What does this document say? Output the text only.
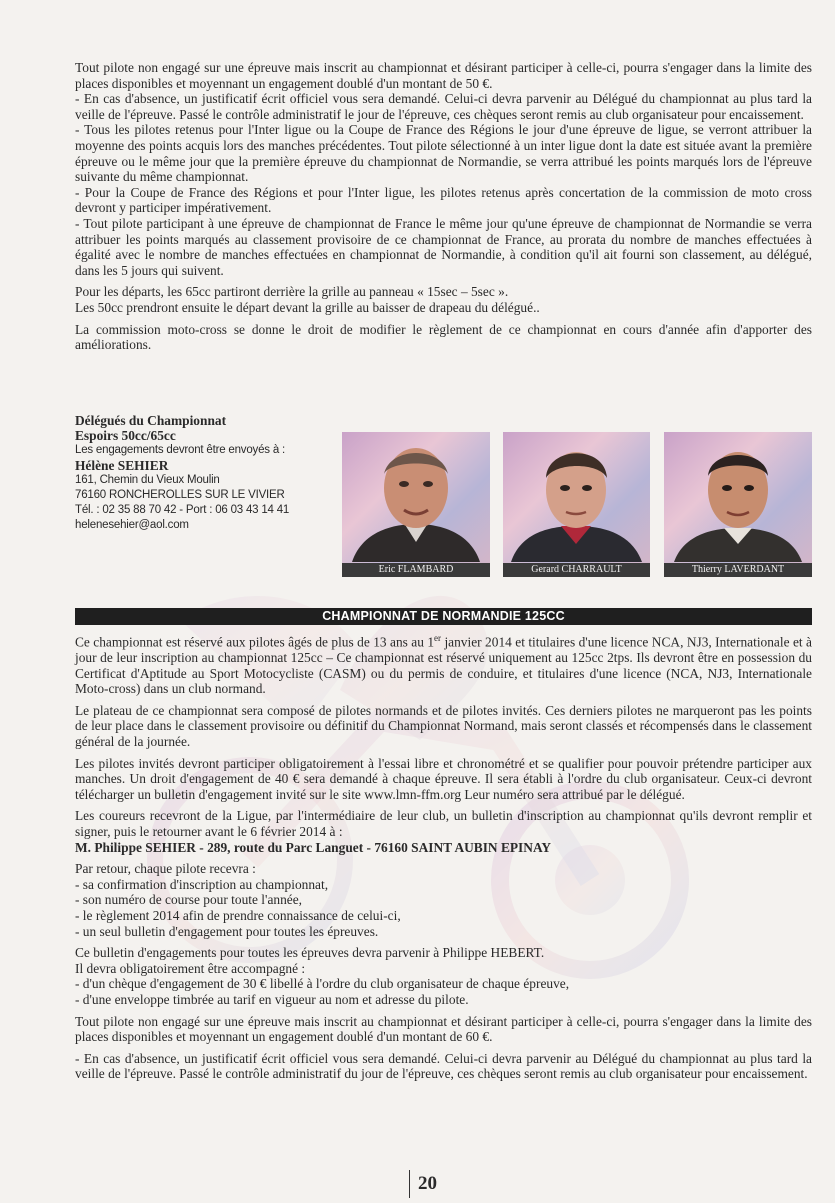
Tout pilote non engagé sur une épreuve mais inscrit au championnat et désirant participer à celle-ci, pourra s'engager dans la limite des places disponibles et moyennant un engagement doublé d'un montant de 50 €.

- En cas d'absence, un justificatif écrit officiel vous sera demandé. Celui-ci devra parvenir au Délégué du championnat au plus tard la veille de l'épreuve. Passé le contrôle administratif le jour de l'épreuve, ces chèques seront remis au club organisateur pour encaissement.

- Tous les pilotes retenus pour l'Inter ligue ou la Coupe de France des Régions le jour d'une épreuve de ligue, se verront attribuer la moyenne des points acquis lors des manches précédentes. Tout pilote sélectionné à un inter ligue dont la date est située avant la première épreuve ou le même jour que la première épreuve du championnat de Normandie, se verra attribué les points marqués lors de l'épreuve suivante du même championnat.

- Pour la Coupe de France des Régions et pour l'Inter ligue, les pilotes retenus après concertation de la commission de moto cross devront y participer impérativement.

- Tout pilote participant à une épreuve de championnat de France le même jour qu'une épreuve de championnat de Normandie se verra attribuer les points marqués au classement provisoire de ce championnat de France, au prorata du nombre de manches effectuées à égalité avec le nombre de manches effectuées en championnat de Normandie, à condition qu'il ait fourni son classement, au délégué, dans les 5 jours qui suivent.

Pour les départs, les 65cc partiront derrière la grille au panneau « 15sec – 5sec ».

Les 50cc prendront ensuite le départ devant la grille au baisser de drapeau du délégué..

La commission moto-cross se donne le droit de modifier le règlement de ce championnat en cours d'année afin d'apporter des améliorations.

Délégués du Championnat
Espoirs 50cc/65cc
Les engagements devront être envoyés à :
Hélène SEHIER
161, Chemin du Vieux Moulin
76160 RONCHEROLLES SUR LE VIVIER
Tél. : 02 35 88 70 42 - Port : 06 03 43 14 41
helenesehier@aol.com
Eric FLAMBARD	Gerard CHARRAULT	Thierry LAVERDANT
CHAMPIONNAT DE NORMANDIE 125CC

Ce championnat est réservé aux pilotes âgés de plus de 13 ans au 1er janvier 2014 et titulaires d'une licence NCA, NJ3, Internationale et à jour de leur inscription au championnat 125cc – Ce championnat est réservé uniquement au 125cc 2tps. Ils devront être en possession du Certificat d'Aptitude au Sport Motocycliste (CASM) ou du permis de conduire, et titulaires d'une licence (NCA, NJ3, Internationale Moto-cross) dans un club normand.

Le plateau de ce championnat sera composé de pilotes normands et de pilotes invités. Ces derniers pilotes ne marqueront pas les points de leur place dans le classement provisoire ou définitif du Championnat Normand, mais seront classés et récompensés dans le classement général de la journée.

Les pilotes invités devront participer obligatoirement à l'essai libre et chronométré et se qualifier pour pouvoir prétendre participer aux manches. Un droit d'engagement de 40 € sera demandé à chaque épreuve. Il sera établi à l'ordre du club organisateur. Ceux-ci devront télécharger un bulletin d'engagement invité sur le site www.lmn-ffm.org Leur numéro sera attribué par le délégué.

Les coureurs recevront de la Ligue, par l'intermédiaire de leur club, un bulletin d'inscription au championnat qu'ils devront remplir et signer, puis le retourner avant le 6 février 2014 à :

M. Philippe SEHIER - 289, route du Parc Languet - 76160 SAINT AUBIN EPINAY

Par retour, chaque pilote recevra :

- sa confirmation d'inscription au championnat,
- son numéro de course pour toute l'année,
- le règlement 2014 afin de prendre connaissance de celui-ci,

- un seul bulletin d'engagement pour toutes les épreuves.

Ce bulletin d'engagements pour toutes les épreuves devra parvenir à Philippe HEBERT.

Il devra obligatoirement être accompagné :

- d'un chèque d'engagement de 30 € libellé à l'ordre du club organisateur de chaque épreuve,

- d'une enveloppe timbrée au tarif en vigueur au nom et adresse du pilote.

Tout pilote non engagé sur une épreuve mais inscrit au championnat et désirant participer à celle-ci, pourra s'engager dans la limite des places disponibles et moyennant un engagement doublé d'un montant de 60 €.

- En cas d'absence, un justificatif écrit officiel vous sera demandé. Celui-ci devra parvenir au Délégué du championnat au plus tard la veille de l'épreuve. Passé le contrôle administratif du jour de l'épreuve, ces chèques seront remis au club organisateur pour encaissement.

20
